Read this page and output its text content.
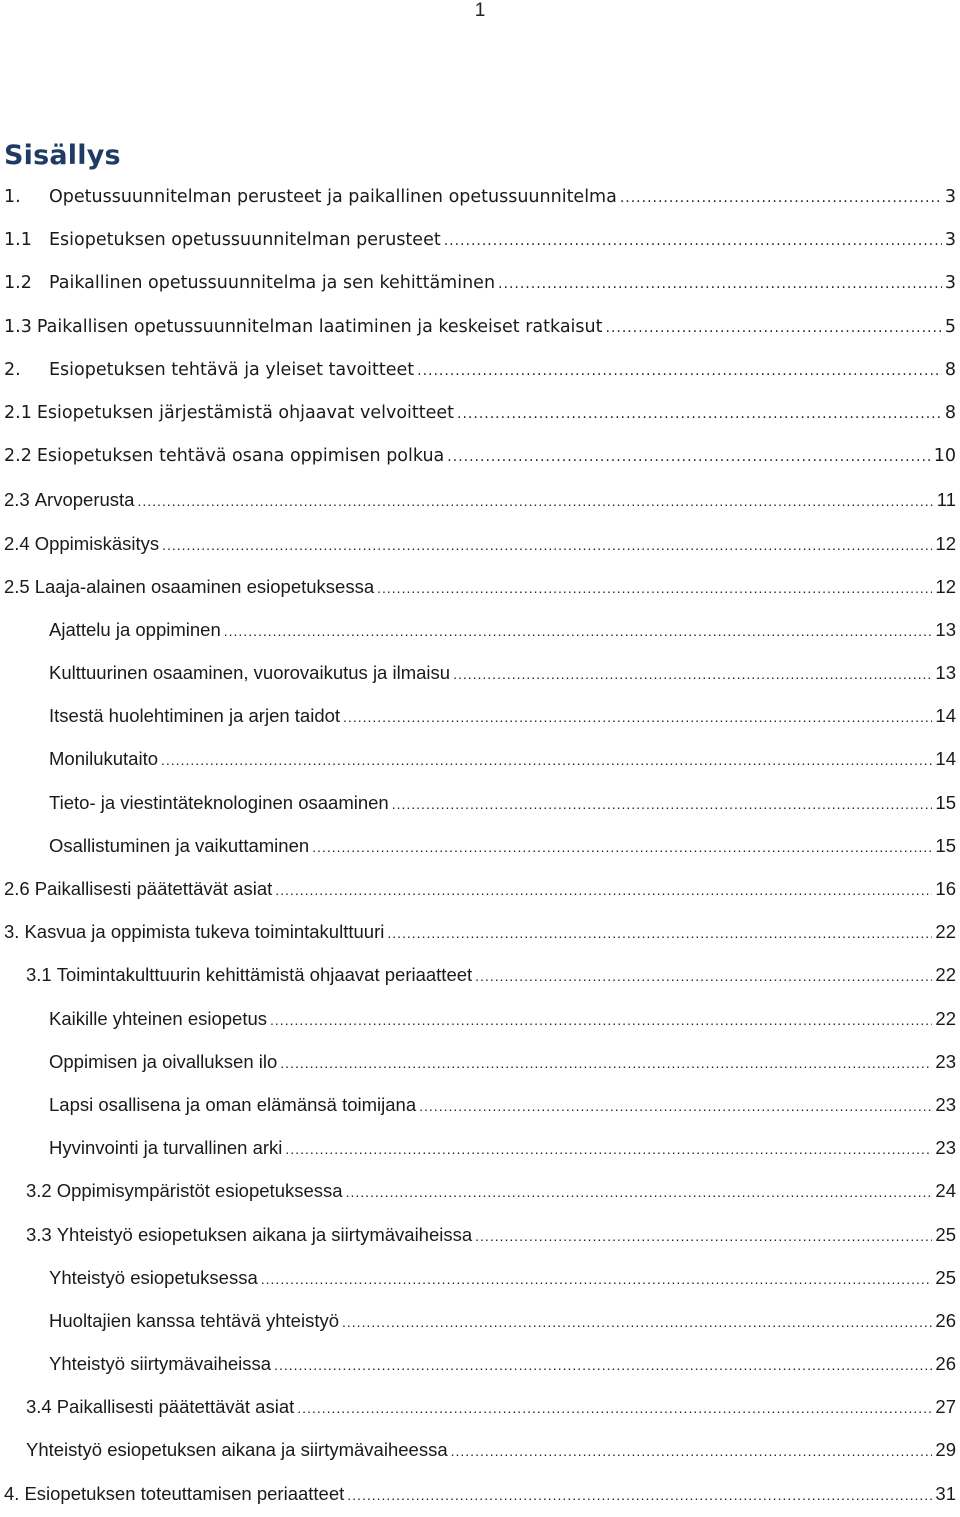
1
Sisällys
1.	Opetussuunnitelman perusteet ja paikallinen opetussuunnitelma .....	3
1.1 Esiopetuksen opetussuunnitelman perusteet .....	3
1.2 Paikallinen opetussuunnitelma ja sen kehittäminen .....	3
1.3 Paikallisen opetussuunnitelman laatiminen ja keskeiset ratkaisut .....	5
2.	Esiopetuksen tehtävä ja yleiset tavoitteet .....	8
2.1 Esiopetuksen järjestämistä ohjaavat velvoitteet .....	8
2.2 Esiopetuksen tehtävä osana oppimisen polkua .....	10
2.3 Arvoperusta .....	11
2.4 Oppimiskäsitys .....	12
2.5 Laaja-alainen osaaminen esiopetuksessa .....	12
Ajattelu ja oppiminen .....	13
Kulttuurinen osaaminen, vuorovaikutus ja ilmaisu .....	13
Itsestä huolehtiminen ja arjen taidot .....	14
Monilukutaito .....	14
Tieto- ja viestintäteknologinen osaaminen .....	15
Osallistuminen ja vaikuttaminen .....	15
2.6 Paikallisesti päätettävät asiat .....	16
3. Kasvua ja oppimista tukeva toimintakulttuuri .....	22
3.1 Toimintakulttuurin kehittämistä ohjaavat periaatteet .....	22
Kaikille yhteinen esiopetus .....	22
Oppimisen ja oivalluksen ilo .....	23
Lapsi osallisena ja oman elämänsä toimijana .....	23
Hyvinvointi ja turvallinen arki .....	23
3.2 Oppimisympäristöt esiopetuksessa .....	24
3.3 Yhteistyö esiopetuksen aikana ja siirtymävaiheissa .....	25
Yhteistyö esiopetuksessa .....	25
Huoltajien kanssa tehtävä yhteistyö .....	26
Yhteistyö siirtymävaiheissa .....	26
3.4 Paikallisesti päätettävät asiat .....	27
Yhteistyö esiopetuksen aikana ja siirtymävaiheessa .....	29
4. Esiopetuksen toteuttamisen periaatteet .....	31
